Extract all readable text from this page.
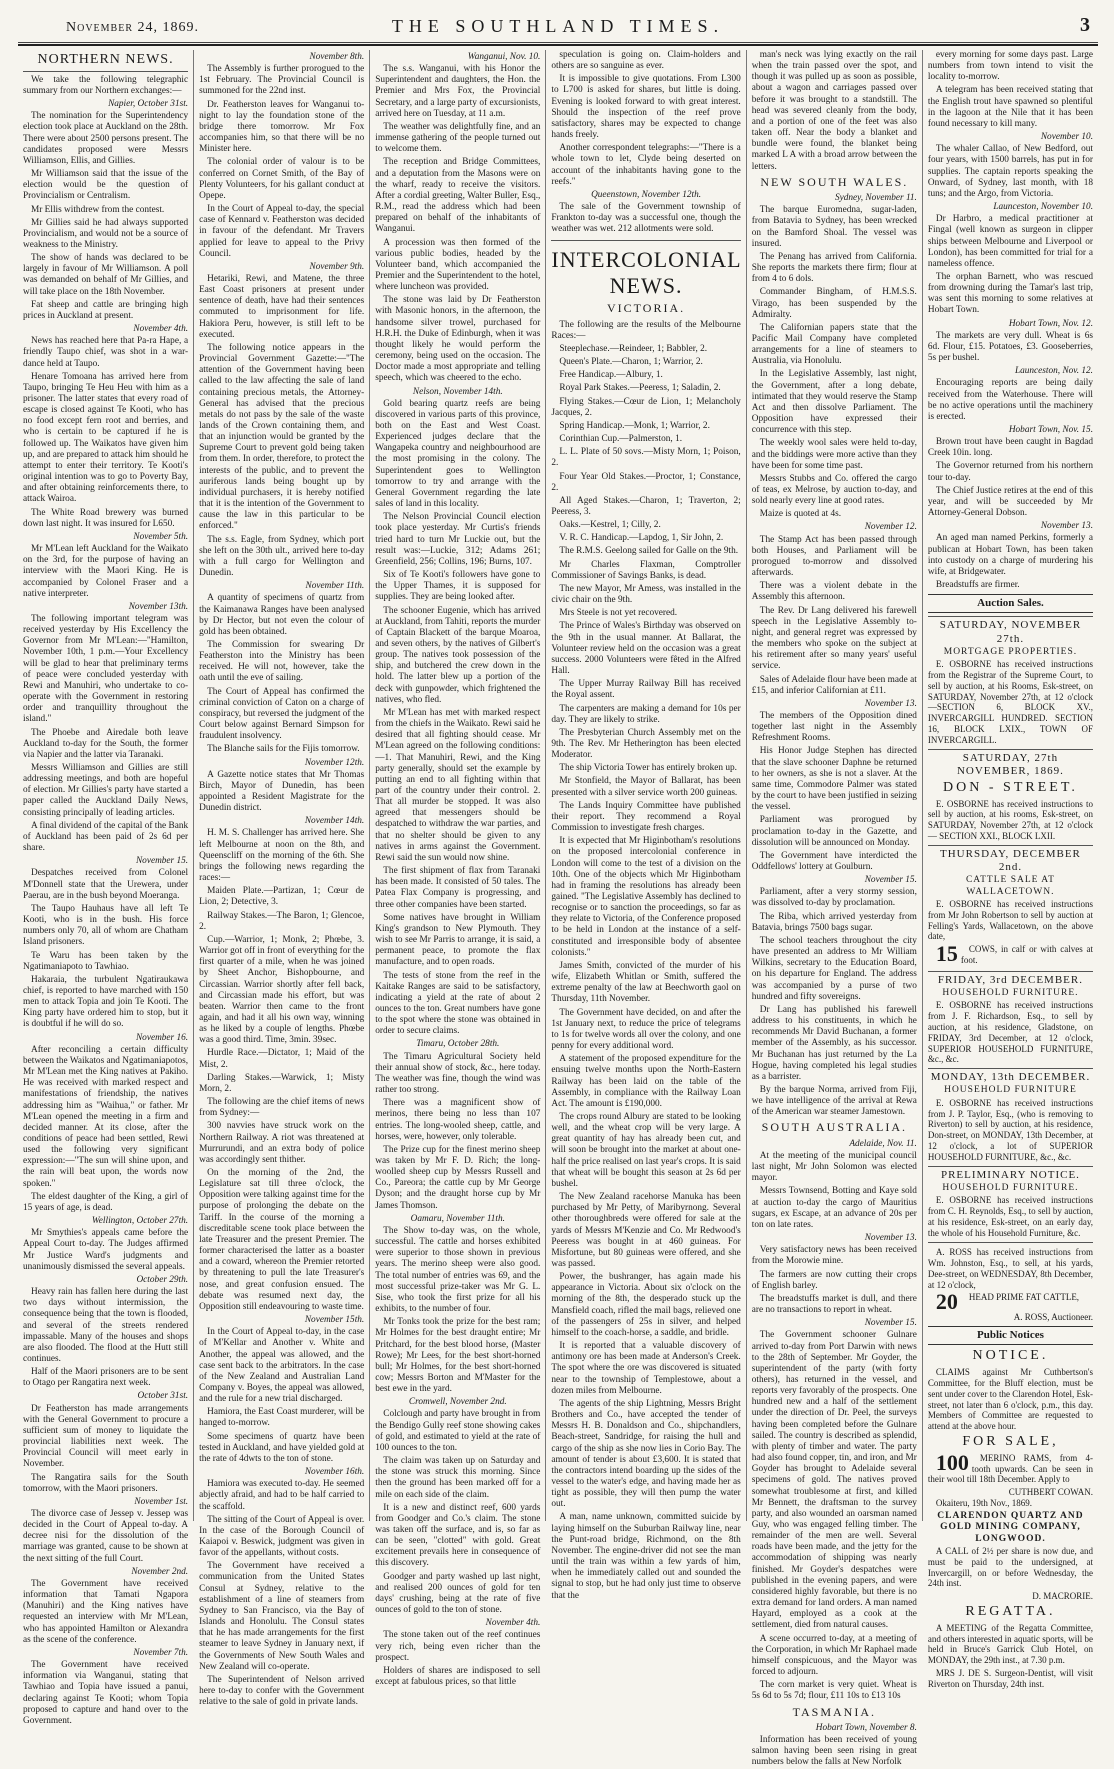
November 24, 1869.	THE SOUTHLAND TIMES.	3
NORTHERN NEWS.

We take the following telegraphic summary from our Northern exchanges:—

Napier, October 31st.

The nomination for the Superintendency election took place at Auckland on the 28th. There were about 2500 persons present. The candidates proposed were Messrs Williamson, Ellis, and Gillies.

Mr Williamson said that the issue of the election would be the question of Provincialism or Centralism.

Mr Ellis withdrew from the contest.

Mr Gillies said he had always supported Provincialism, and would not be a source of weakness to the Ministry.

The show of hands was declared to be largely in favour of Mr Williamson. A poll was demanded on behalf of Mr Gillies, and will take place on the 18th November.

Fat sheep and cattle are bringing high prices in Auckland at present.

November 4th.

News has reached here that Pa-ra Hape, a friendly Taupo chief, was shot in a war-dance held at Taupo.

Henare Tomoana has arrived here from Taupo, bringing Te Heu Heu with him as a prisoner. The latter states that every road of escape is closed against Te Kooti, who has no food except fern root and berries, and who is certain to be captured if he is followed up. The Waikatos have given him up, and are prepared to attack him should he attempt to enter their territory. Te Kooti's original intention was to go to Poverty Bay, and after obtaining reinforcements there, to attack Wairoa.

The White Road brewery was burned down last night. It was insured for L650.

November 5th.

Mr M'Lean left Auckland for the Waikato on the 3rd, for the purpose of having an interview with the Maori King. He is accompanied by Colonel Fraser and a native interpreter.

November 13th.

The following important telegram was received yesterday by His Excellency the Governor from Mr M'Lean:—"Hamilton, November 10th, 1 p.m.—Your Excellency will be glad to hear that preliminary terms of peace were concluded yesterday with Rewi and Manuhiri, who undertake to co-operate with the Government in restoring order and tranquillity throughout the island."

The Phoebe and Airedale both leave Auckland to-day for the South, the former via Napier and the latter via Taranaki.

Messrs Williamson and Gillies are still addressing meetings, and both are hopeful of election. Mr Gillies's party have started a paper called the Auckland Daily News, consisting principally of leading articles.

A final dividend of the capital of the Bank of Auckland has been paid of 2s 6d per share.

November 15.

Despatches received from Colonel M'Donnell state that the Urewera, under Paerau, are in the bush beyond Moeranga.

The Taupo Hauhaus have all left Te Kooti, who is in the bush. His force numbers only 70, all of whom are Chatham Island prisoners.

Te Waru has been taken by the Ngatimaniapoto to Tawhiao.

Hakaraia, the turbulent Ngatiraukawa chief, is reported to have marched with 150 men to attack Topia and join Te Kooti. The King party have ordered him to stop, but it is doubtful if he will do so.

November 16.

After reconciling a certain difficulty between the Waikatos and Ngatimaniapotos, Mr M'Lean met the King natives at Pakiho. He was received with marked respect and manifestations of friendship, the natives addressing him as "Waihua," or father. Mr M'Lean opened the meeting in a firm and decided manner. At its close, after the conditions of peace had been settled, Rewi used the following very significant expression:—"The sun will shine upon, and the rain will beat upon, the words now spoken."

The eldest daughter of the King, a girl of 15 years of age, is dead.

Wellington, October 27th.

Mr Smythies's appeals came before the Appeal Court to-day. The Judges affirmed Mr Justice Ward's judgments and unanimously dismissed the several appeals.

October 29th.

Heavy rain has fallen here during the last two days without intermission, the consequence being that the town is flooded, and several of the streets rendered impassable. Many of the houses and shops are also flooded. The flood at the Hutt still continues.

Half of the Maori prisoners are to be sent to Otago per Rangatira next week.

October 31st.

Dr Featherston has made arrangements with the General Government to procure a sufficient sum of money to liquidate the provincial liabilities next week. The Provincial Council will meet early in November.

The Rangatira sails for the South tomorrow, with the Maori prisoners.

November 1st.

The divorce case of Jessep v. Jessep was decided in the Court of Appeal to-day. A decree nisi for the dissolution of the marriage was granted, cause to be shown at the next sitting of the full Court.

November 2nd.

The Government have received information that Tamati Ngapora (Manuhiri) and the King natives have requested an interview with Mr M'Lean, who has appointed Hamilton or Alexandra as the scene of the conference.

November 7th.

The Government have received information via Wanganui, stating that Tawhiao and Topia have issued a panui, declaring against Te Kooti; whom Topia proposed to capture and hand over to the Government.

November 8th.

The Assembly is further prorogued to the 1st February. The Provincial Council is summoned for the 22nd inst.

Dr. Featherston leaves for Wanganui to-night to lay the foundation stone of the bridge there tomorrow. Mr Fox accompanies him, so that there will be no Minister here.

The colonial order of valour is to be conferred on Cornet Smith, of the Bay of Plenty Volunteers, for his gallant conduct at Opepe.

In the Court of Appeal to-day, the special case of Kennard v. Featherston was decided in favour of the defendant. Mr Travers applied for leave to appeal to the Privy Council.

November 9th.

Hetariki, Rewi, and Matene, the three East Coast prisoners at present under sentence of death, have had their sentences commuted to imprisonment for life. Hakiora Peru, however, is still left to be executed.

The following notice appears in the Provincial Government Gazette:—"The attention of the Government having been called to the law affecting the sale of land containing precious metals, the Attorney-General has advised that the precious metals do not pass by the sale of the waste lands of the Crown containing them, and that an injunction would be granted by the Supreme Court to prevent gold being taken from them. In order, therefore, to protect the interests of the public, and to prevent the auriferous lands being bought up by individual purchasers, it is hereby notified that it is the intention of the Government to cause the law in this particular to be enforced."

The s.s. Eagle, from Sydney, which port she left on the 30th ult., arrived here to-day with a full cargo for Wellington and Dunedin.

November 11th.

A quantity of specimens of quartz from the Kaimanawa Ranges have been analysed by Dr Hector, but not even the colour of gold has been obtained.

The Commission for swearing Dr Featherston into the Ministry has been received. He will not, however, take the oath until the eve of sailing.

The Court of Appeal has confirmed the criminal conviction of Caton on a charge of conspiracy, but reversed the judgment of the Court below against Bernard Simpson for fraudulent insolvency.

The Blanche sails for the Fijis tomorrow.

November 12th.

A Gazette notice states that Mr Thomas Birch, Mayor of Dunedin, has been appointed a Resident Magistrate for the Dunedin district.

November 14th.

H. M. S. Challenger has arrived here. She left Melbourne at noon on the 8th, and Queenscliff on the morning of the 6th. She brings the following news regarding the races:—

Maiden Plate.—Partizan, 1; Cœur de Lion, 2; Detective, 3.

Railway Stakes.—The Baron, 1; Glencoe, 2.

Cup.—Warrior, 1; Monk, 2; Phœbe, 3. Warrior got off in front of everything for the first quarter of a mile, when he was joined by Sheet Anchor, Bishopbourne, and Circassian. Warrior shortly after fell back, and Circassian made his effort, but was beaten. Warrior then came to the front again, and had it all his own way, winning as he liked by a couple of lengths. Phœbe was a good third. Time, 3min. 39sec.

Hurdle Race.—Dictator, 1; Maid of the Mist, 2.

Darling Stakes.—Warwick, 1; Misty Morn, 2.

The following are the chief items of news from Sydney:—

300 navvies have struck work on the Northern Railway. A riot was threatened at Murrurundi, and an extra body of police was accordingly sent thither.

On the morning of the 2nd, the Legislature sat till three o'clock, the Opposition were talking against time for the purpose of prolonging the debate on the Tariff. In the course of the morning a discreditable scene took place between the late Treasurer and the present Premier. The former characterised the latter as a boaster and a coward, whereon the Premier retorted by threatening to pull the late Treasurer's nose, and great confusion ensued. The debate was resumed next day, the Opposition still endeavouring to waste time.

November 15th.

In the Court of Appeal to-day, in the case of M'Kellar and Another v. White and Another, the appeal was allowed, and the case sent back to the arbitrators. In the case of the New Zealand and Australian Land Company v. Boyes, the appeal was allowed, and the rule for a new trial discharged.

Hamiora, the East Coast murderer, will be hanged to-morrow.

Some specimens of quartz have been tested in Auckland, and have yielded gold at the rate of 4dwts to the ton of stone.

November 16th.

Hamiora was executed to-day. He seemed abjectly afraid, and had to be half carried to the scaffold.

The sitting of the Court of Appeal is over. In the case of the Borough Council of Kaiapoi v. Beswick, judgment was given in favor of the appellants, without costs.

The Government have received a communication from the United States Consul at Sydney, relative to the establishment of a line of steamers from Sydney to San Francisco, via the Bay of Islands and Honolulu. The Consul states that he has made arrangements for the first steamer to leave Sydney in January next, if the Governments of New South Wales and New Zealand will co-operate.

The Superintendent of Nelson arrived here to-day to confer with the Government relative to the sale of gold in private lands.

Wanganui, Nov. 10.

The s.s. Wanganui, with his Honor the Superintendent and daughters, the Hon. the Premier and Mrs Fox, the Provincial Secretary, and a large party of excursionists, arrived here on Tuesday, at 11 a.m.

The weather was delightfully fine, and an immense gathering of the people turned out to welcome them.

The reception and Bridge Committees, and a deputation from the Masons were on the wharf, ready to receive the visitors. After a cordial greeting, Walter Buller, Esq., R.M., read the address which had been prepared on behalf of the inhabitants of Wanganui.

A procession was then formed of the various public bodies, headed by the Volunteer band, which accompanied the Premier and the Superintendent to the hotel, where luncheon was provided.

The stone was laid by Dr Featherston with Masonic honors, in the afternoon, the handsome silver trowel, purchased for H.R.H. the Duke of Edinburgh, when it was thought likely he would perform the ceremony, being used on the occasion. The Doctor made a most appropriate and telling speech, which was cheered to the echo.

Nelson, November 14th.

Gold bearing quartz reefs are being discovered in various parts of this province, both on the East and West Coast. Experienced judges declare that the Wangapeka country and neighbourhood are the most promising in the colony. The Superintendent goes to Wellington tomorrow to try and arrange with the General Government regarding the late sales of land in this locality.

The Nelson Provincial Council election took place yesterday. Mr Curtis's friends tried hard to turn Mr Luckie out, but the result was:—Luckie, 312; Adams 261; Greenfield, 256; Collins, 196; Burns, 107.

Six of Te Kooti's followers have gone to the Upper Thames, it is supposed for supplies. They are being looked after.

The schooner Eugenie, which has arrived at Auckland, from Tahiti, reports the murder of Captain Blackett of the barque Moaroa, and seven others, by the natives of Gilbert's group. The natives took possession of the ship, and butchered the crew down in the hold. The latter blew up a portion of the deck with gunpowder, which frightened the natives, who fled.

Mr M'Lean has met with marked respect from the chiefs in the Waikato. Rewi said he desired that all fighting should cease. Mr M'Lean agreed on the following conditions:—1. That Manuhiri, Rewi, and the King party generally, should set the example by putting an end to all fighting within that part of the country under their control. 2. That all murder be stopped. It was also agreed that messengers should be despatched to withdraw the war parties, and that no shelter should be given to any natives in arms against the Government. Rewi said the sun would now shine.

The first shipment of flax from Taranaki has been made. It consisted of 50 tales. The Patea Flax Company is progressing, and three other companies have been started.

Some natives have brought in William King's grandson to New Plymouth. They wish to see Mr Parris to arrange, it is said, a permanent peace, to promote the flax manufacture, and to open roads.

The tests of stone from the reef in the Kaitake Ranges are said to be satisfactory, indicating a yield at the rate of about 2 ounces to the ton. Great numbers have gone to the spot where the stone was obtained in order to secure claims.

Timaru, October 28th.

The Timaru Agricultural Society held their annual show of stock, &c., here today. The weather was fine, though the wind was rather too strong.

There was a magnificent show of merinos, there being no less than 107 entries. The long-wooled sheep, cattle, and horses, were, however, only tolerable.

The Prize cup for the finest merino sheep was taken by Mr F. D. Rich; the long-woolled sheep cup by Messrs Russell and Co., Pareora; the cattle cup by Mr George Dyson; and the draught horse cup by Mr James Thomson.

Oamaru, November 11th.

The Show to-day was, on the whole, successful. The cattle and horses exhibited were superior to those shown in previous years. The merino sheep were also good. The total number of entries was 69, and the most successful prize-taker was Mr G. L. Sise, who took the first prize for all his exhibits, to the number of four.

Mr Tonks took the prize for the best ram; Mr Holmes for the best draught entire; Mr Pritchard, for the best blood horse, (Master Rowe); Mr Lees, for the best short-horned bull; Mr Holmes, for the best short-horned cow; Messrs Borton and M'Master for the best ewe in the yard.

Cromwell, November 2nd.

Colclough and party have brought in from the Bendigo Gully reef stone showing cakes of gold, and estimated to yield at the rate of 100 ounces to the ton.

The claim was taken up on Saturday and the stone was struck this morning. Since then the ground has been marked off for a mile on each side of the claim.

It is a new and distinct reef, 600 yards from Goodger and Co.'s claim. The stone was taken off the surface, and is, so far as can be seen, "clotted" with gold. Great excitement prevails here in consequence of this discovery.

Goodger and party washed up last night, and realised 200 ounces of gold for ten days' crushing, being at the rate of five ounces of gold to the ton of stone.

November 4th.

The stone taken out of the reef continues very rich, being even richer than the prospect.

Holders of shares are indisposed to sell except at fabulous prices, so that little

speculation is going on. Claim-holders and others are so sanguine as ever.

It is impossible to give quotations. From L300 to L700 is asked for shares, but little is doing. Evening is looked forward to with great interest. Should the inspection of the reef prove satisfactory, shares may be expected to change hands freely.

Another correspondent telegraphs:—"There is a whole town to let, Clyde being deserted on account of the inhabitants having gone to the reefs."

Queenstown, November 12th.

The sale of the Government township of Frankton to-day was a successful one, though the weather was wet. 212 allotments were sold.

INTERCOLONIAL NEWS.
VICTORIA.

The following are the results of the Melbourne Races:—

Steeplechase.—Reindeer, 1; Babbler, 2.

Queen's Plate.—Charon, 1; Warrior, 2.

Free Handicap.—Albury, 1.

Royal Park Stakes.—Peeress, 1; Saladin, 2.

Flying Stakes.—Cœur de Lion, 1; Melancholy Jacques, 2.

Spring Handicap.—Monk, 1; Warrior, 2.

Corinthian Cup.—Palmerston, 1.

L. L. Plate of 50 sovs.—Misty Morn, 1; Poison, 2.

Four Year Old Stakes.—Proctor, 1; Constance, 2.

All Aged Stakes.—Charon, 1; Traverton, 2; Peeress, 3.

Oaks.—Kestrel, 1; Cilly, 2.

V. R. C. Handicap.—Lapdog, 1, Sir John, 2.

The R.M.S. Geelong sailed for Galle on the 9th.

Mr Charles Flaxman, Comptroller Commissioner of Savings Banks, is dead.

The new Mayor, Mr Amess, was installed in the civic chair on the 9th.

Mrs Steele is not yet recovered.

The Prince of Wales's Birthday was observed on the 9th in the usual manner. At Ballarat, the Volunteer review held on the occasion was a great success. 2000 Volunteers were fêted in the Alfred Hall.

The Upper Murray Railway Bill has received the Royal assent.

The carpenters are making a demand for 10s per day. They are likely to strike.

The Presbyterian Church Assembly met on the 9th. The Rev. Mr Hetherington has been elected Moderator.

The ship Victoria Tower has entirely broken up.

Mr Stonfield, the Mayor of Ballarat, has been presented with a silver service worth 200 guineas.

The Lands Inquiry Committee have published their report. They recommend a Royal Commission to investigate fresh charges.

It is expected that Mr Higinbotham's resolutions on the proposed intercolonial conference in London will come to the test of a division on the 10th. One of the objects which Mr Higinbotham had in framing the resolutions has already been gained. "The Legislative Assembly has declined to recognise or to sanction the proceedings, so far as they relate to Victoria, of the Conference proposed to be held in London at the instance of a self-constituted and irresponsible body of absentee colonists."

James Smith, convicted of the murder of his wife, Elizabeth Whitlan or Smith, suffered the extreme penalty of the law at Beechworth gaol on Thursday, 11th November.

The Government have decided, on and after the 1st January next, to reduce the price of telegrams to 1s for twelve words all over the colony, and one penny for every additional word.

A statement of the proposed expenditure for the ensuing twelve months upon the North-Eastern Railway has been laid on the table of the Assembly, in compliance with the Railway Loan Act. The amount is £190,000.

The crops round Albury are stated to be looking well, and the wheat crop will be very large. A great quantity of hay has already been cut, and will soon be brought into the market at about one-half the price realised on last year's crops. It is said that wheat will be bought this season at 2s 6d per bushel.

The New Zealand racehorse Manuka has been purchased by Mr Petty, of Maribyrnong. Several other thoroughbreds were offered for sale at the yards of Messrs M'Kenzie and Co. Mr Redwood's Peeress was bought in at 460 guineas. For Misfortune, but 80 guineas were offered, and she was passed.

Power, the bushranger, has again made his appearance in Victoria. About six o'clock on the morning of the 8th, the desperado stuck up the Mansfield coach, rifled the mail bags, relieved one of the passengers of 25s in silver, and helped himself to the coach-horse, a saddle, and bridle.

It is reported that a valuable discovery of antimony ore has been made at Anderson's Creek. The spot where the ore was discovered is situated near to the township of Templestowe, about a dozen miles from Melbourne.

The agents of the ship Lightning, Messrs Bright Brothers and Co., have accepted the tender of Messrs H. B. Donaldson and Co., shipchandlers, Beach-street, Sandridge, for raising the hull and cargo of the ship as she now lies in Corio Bay. The amount of tender is about £3,600. It is stated that the contractors intend boarding up the sides of the vessel to the water's edge, and having made her as tight as possible, they will then pump the water out.

A man, name unknown, committed suicide by laying himself on the Suburban Railway line, near the Punt-road bridge, Richmond, on the 8th November. The engine-driver did not see the man until the train was within a few yards of him, when he immediately called out and sounded the signal to stop, but he had only just time to observe that the

man's neck was lying exactly on the rail when the train passed over the spot, and though it was pulled up as soon as possible, about a wagon and carriages passed over before it was brought to a standstill. The head was severed cleanly from the body, and a portion of one of the feet was also taken off. Near the body a blanket and bundle were found, the blanket being marked L A with a broad arrow between the letters.

NEW SOUTH WALES.

Sydney, November 11.

The barque Euromedna, sugar-laden, from Batavia to Sydney, has been wrecked on the Bamford Shoal. The vessel was insured.

The Penang has arrived from California. She reports the markets there firm; flour at from 4 to 6 dols.

Commander Bingham, of H.M.S.S. Virago, has been suspended by the Admiralty.

The Californian papers state that the Pacific Mail Company have completed arrangements for a line of steamers to Australia, via Honolulu.

In the Legislative Assembly, last night, the Government, after a long debate, intimated that they would reserve the Stamp Act and then dissolve Parliament. The Opposition have expressed their concurrence with this step.

The weekly wool sales were held to-day, and the biddings were more active than they have been for some time past.

Messrs Stubbs and Co. offered the cargo of teas, ex Melrose, by auction to-day, and sold nearly every line at good rates.

Maize is quoted at 4s.

November 12.

The Stamp Act has been passed through both Houses, and Parliament will be prorogued to-morrow and dissolved afterwards.

There was a violent debate in the Assembly this afternoon.

The Rev. Dr Lang delivered his farewell speech in the Legislative Assembly to-night, and general regret was expressed by the members who spoke on the subject at his retirement after so many years' useful service.

Sales of Adelaide flour have been made at £15, and inferior Californian at £11.

November 13.

The members of the Opposition dined together last night in the Assembly Refreshment Rooms.

His Honor Judge Stephen has directed that the slave schooner Daphne be returned to her owners, as she is not a slaver. At the same time, Commodore Palmer was stated by the court to have been justified in seizing the vessel.

Parliament was prorogued by proclamation to-day in the Gazette, and dissolution will be announced on Monday.

The Government have interdicted the Oddfellows' lottery at Goulburn.

November 15.

Parliament, after a very stormy session, was dissolved to-day by proclamation.

The Riba, which arrived yesterday from Batavia, brings 7500 bags sugar.

The school teachers throughout the city have presented an address to Mr William Wilkins, secretary to the Education Board, on his departure for England. The address was accompanied by a purse of two hundred and fifty sovereigns.

Dr Lang has published his farewell address to his constituents, in which he recommends Mr David Buchanan, a former member of the Assembly, as his successor. Mr Buchanan has just returned by the La Hogue, having completed his legal studies as a barrister.

By the barque Norma, arrived from Fiji, we have intelligence of the arrival at Rewa of the American war steamer Jamestown.

SOUTH AUSTRALIA.

Adelaide, Nov. 11.

At the meeting of the municipal council last night, Mr John Solomon was elected mayor.

Messrs Townsend, Botting and Kaye sold at auction to-day the cargo of Mauritius sugars, ex Escape, at an advance of 20s per ton on late rates.

November 13.

Very satisfactory news has been received from the Morowie mine.

The farmers are now cutting their crops of English barley.

The breadstuffs market is dull, and there are no transactions to report in wheat.

November 15.

The Government schooner Gulnare arrived to-day from Port Darwin with news to the 28th of September. Mr Goyder, the superintendent of the party (with forty others), has returned in the vessel, and reports very favorably of the prospects. One hundred new and a half of the settlement under the direction of Dr. Peel, the surveys having been completed before the Gulnare sailed. The country is described as splendid, with plenty of timber and water. The party had also found copper, tin, and iron, and Mr Goyder has brought to Adelaide several specimens of gold. The natives proved somewhat troublesome at first, and killed Mr Bennett, the draftsman to the survey party, and also wounded an oarsman named Guy, who was engaged felling timber. The remainder of the men are well. Several roads have been made, and the jetty for the accommodation of shipping was nearly finished. Mr Goyder's despatches were published in the evening papers, and were considered highly favorable, but there is no extra demand for land orders. A man named Hayard, employed as a cook at the settlement, died from natural causes.

A scene occurred to-day, at a meeting of the Corporation, in which Mr Raphael made himself conspicuous, and the Mayor was forced to adjourn.

The corn market is very quiet. Wheat is 5s 6d to 5s 7d; flour, £11 10s to £13 10s

TASMANIA.

Hobart Town, November 8.

Information has been received of young salmon having been seen rising in great numbers below the falls at New Norfolk

every morning for some days past. Large numbers from town intend to visit the locality to-morrow.

A telegram has been received stating that the English trout have spawned so plentiful in the lagoon at the Nile that it has been found necessary to kill many.

November 10.

The whaler Callao, of New Bedford, out four years, with 1500 barrels, has put in for supplies. The captain reports speaking the Onward, of Sydney, last month, with 18 tuns; and the Argo, from Victoria.

Launceston, November 10.

Dr Harbro, a medical practitioner at Fingal (well known as surgeon in clipper ships between Melbourne and Liverpool or London), has been committed for trial for a nameless offence.

The orphan Barnett, who was rescued from drowning during the Tamar's last trip, was sent this morning to some relatives at Hobart Town.

Hobart Town, Nov. 12.

The markets are very dull. Wheat is 6s 6d. Flour, £15. Potatoes, £3. Gooseberries, 5s per bushel.

Launceston, Nov. 12.

Encouraging reports are being daily received from the Waterhouse. There will be no active operations until the machinery is erected.

Hobart Town, Nov. 15.

Brown trout have been caught in Bagdad Creek 10in. long.

The Governor returned from his northern tour to-day.

The Chief Justice retires at the end of this year, and will be succeeded by Mr Attorney-General Dobson.

November 13.

An aged man named Perkins, formerly a publican at Hobart Town, has been taken into custody on a charge of murdering his wife, at Bridgewater.

Breadstuffs are firmer.

Auction Sales.
SATURDAY, NOVEMBER 27th.
MORTGAGE PROPERTIES.

E. OSBORNE has received instructions from the Registrar of the Supreme Court, to sell by auction, at his Rooms, Esk-street, on SATURDAY, November 27th, at 12 o'clock—SECTION 6, BLOCK XV., INVERCARGILL HUNDRED. SECTION 16, BLOCK LXIX., TOWN OF INVERCARGILL.

SATURDAY, 27th NOVEMBER, 1869.
DON - STREET.

E. OSBORNE has received instructions to sell by auction, at his rooms, Esk-street, on SATURDAY, November 27th, at 12 o'clock— SECTION XXI., BLOCK LXII.

THURSDAY, DECEMBER 2nd.
CATTLE SALE AT WALLACETOWN.

E. OSBORNE has received instructions from Mr John Robertson to sell by auction at Felling's Yards, Wallacetown, on the above date,

15 COWS, in calf or with calves at foot.

FRIDAY, 3rd DECEMBER.
HOUSEHOLD FURNITURE.

E. OSBORNE has received instructions from J. F. Richardson, Esq., to sell by auction, at his residence, Gladstone, on FRIDAY, 3rd December, at 12 o'clock, SUPERIOR HOUSEHOLD FURNITURE, &c., &c.

MONDAY, 13th DECEMBER.
HOUSEHOLD FURNITURE

E. OSBORNE has received instructions from J. P. Taylor, Esq., (who is removing to Riverton) to sell by auction, at his residence, Don-street, on MONDAY, 13th December, at 12 o'clock, a lot of SUPERIOR HOUSEHOLD FURNITURE, &c., &c.

PRELIMINARY NOTICE.
HOUSEHOLD FURNITURE.

E. OSBORNE has received instructions from C. H. Reynolds, Esq., to sell by auction, at his residence, Esk-street, on an early day, the whole of his Household Furniture, &c.

A. ROSS has received instructions from Wm. Johnston, Esq., to sell, at his yards, Dee-street, on WEDNESDAY, 8th December, at 12 o'clock,

20 HEAD PRIME FAT CATTLE,

A. ROSS, Auctioneer.
Public Notices
NOTICE.

CLAIMS against Mr Cuthbertson's Committee, for the Bluff election, must be sent under cover to the Clarendon Hotel, Esk-street, not later than 6 o'clock, p.m., this day. Members of Committee are requested to attend at the above hour.

FOR SALE,

100 MERINO RAMS, from 4-tooth upwards. Can be seen in their wool till 18th December. Apply to

CUTHBERT COWAN.

Okaiteru, 19th Nov., 1869.

CLARENDON QUARTZ AND GOLD MINING COMPANY, LONGWOOD.

A CALL of 2½ per share is now due, and must be paid to the undersigned, at Invercargill, on or before Wednesday, the 24th inst.

D. MACRORIE.
REGATTA.

A MEETING of the Regatta Committee, and others interested in aquatic sports, will be held in Bruce's Garrick Club Hotel, on MONDAY, the 29th inst., at 7.30 p.m.

MRS J. DE S. Surgeon-Dentist, will visit Riverton on Thursday, 24th inst.
